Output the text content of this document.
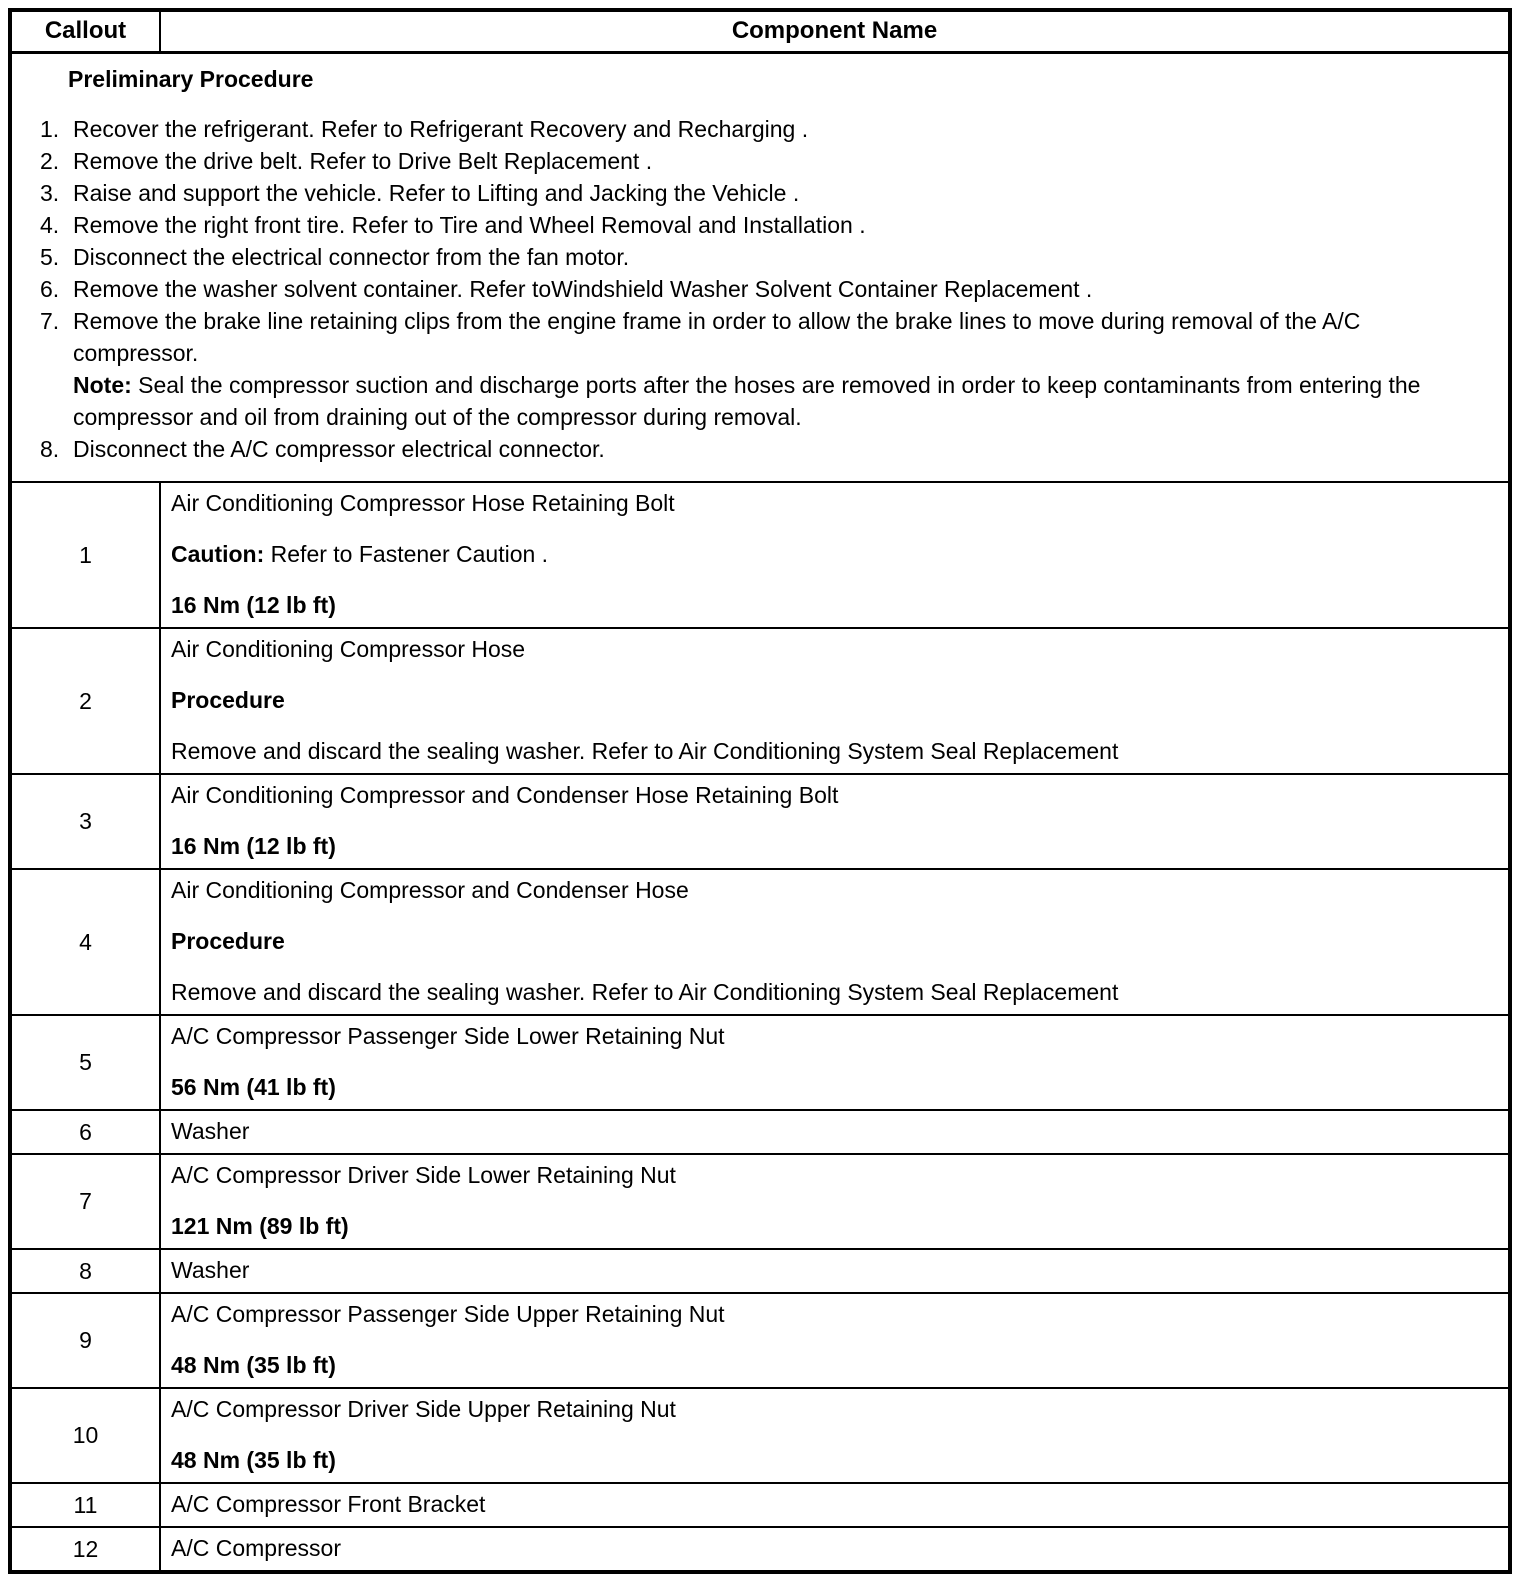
Callout	Component Name

Preliminary Procedure
1. Recover the refrigerant. Refer to Refrigerant Recovery and Recharging .
2. Remove the drive belt. Refer to Drive Belt Replacement .
3. Raise and support the vehicle. Refer to Lifting and Jacking the Vehicle .
4. Remove the right front tire. Refer to Tire and Wheel Removal and Installation .
5. Disconnect the electrical connector from the fan motor.
6. Remove the washer solvent container. Refer toWindshield Washer Solvent Container Replacement .
7. Remove the brake line retaining clips from the engine frame in order to allow the brake lines to move during removal of the A/C compressor.
Note: Seal the compressor suction and discharge ports after the hoses are removed in order to keep contaminants from entering the compressor and oil from draining out of the compressor during removal.
8. Disconnect the A/C compressor electrical connector.

1	Air Conditioning Compressor Hose Retaining Bolt

Caution: Refer to Fastener Caution .

16 Nm (12 lb ft)

2	Air Conditioning Compressor Hose

Procedure

Remove and discard the sealing washer. Refer to Air Conditioning System Seal Replacement

3	Air Conditioning Compressor and Condenser Hose Retaining Bolt

16 Nm (12 lb ft)

4	Air Conditioning Compressor and Condenser Hose

Procedure

Remove and discard the sealing washer. Refer to Air Conditioning System Seal Replacement

5	A/C Compressor Passenger Side Lower Retaining Nut

56 Nm (41 lb ft)

6	Washer

7	A/C Compressor Driver Side Lower Retaining Nut

121 Nm (89 lb ft)

8	Washer

9	A/C Compressor Passenger Side Upper Retaining Nut

48 Nm (35 lb ft)

10	A/C Compressor Driver Side Upper Retaining Nut

48 Nm (35 lb ft)

11	A/C Compressor Front Bracket

12	A/C Compressor
